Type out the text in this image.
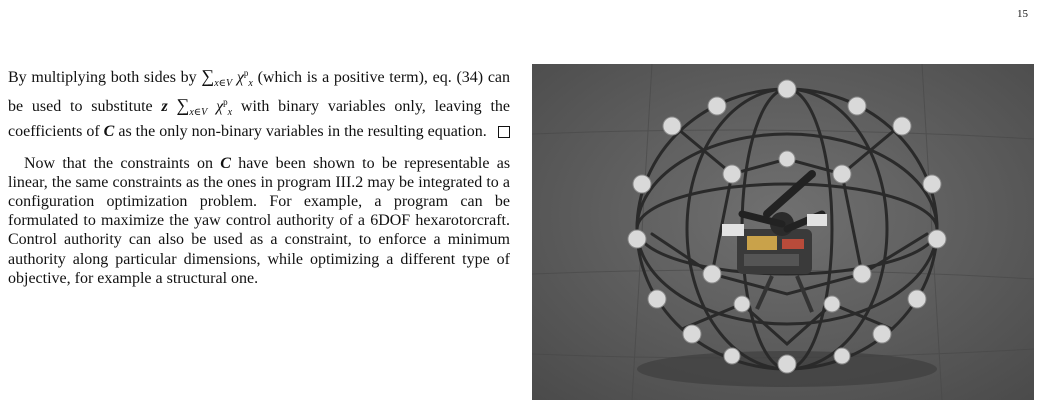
15

By multiplying both sides by $\sum_{x\in V}$ $\chi^p_x$ (which is a positive term), eq. (34) can be used to substitute z $\sum_{x\in V}$ $\chi^p_x$ with binary variables only, leaving the coefficients of C as the only non-binary variables in the resulting equation.

Now that the constraints on C have been shown to be representable as linear, the same constraints as the ones in program III.2 may be integrated to a configuration optimization problem. For example, a program can be formulated to maximize the yaw control authority of a 6DOF hexarotorcraft. Control authority can also be used as a constraint, to enforce a minimum authority along particular dimensions, while optimizing a different type of objective, for example a structural one.
